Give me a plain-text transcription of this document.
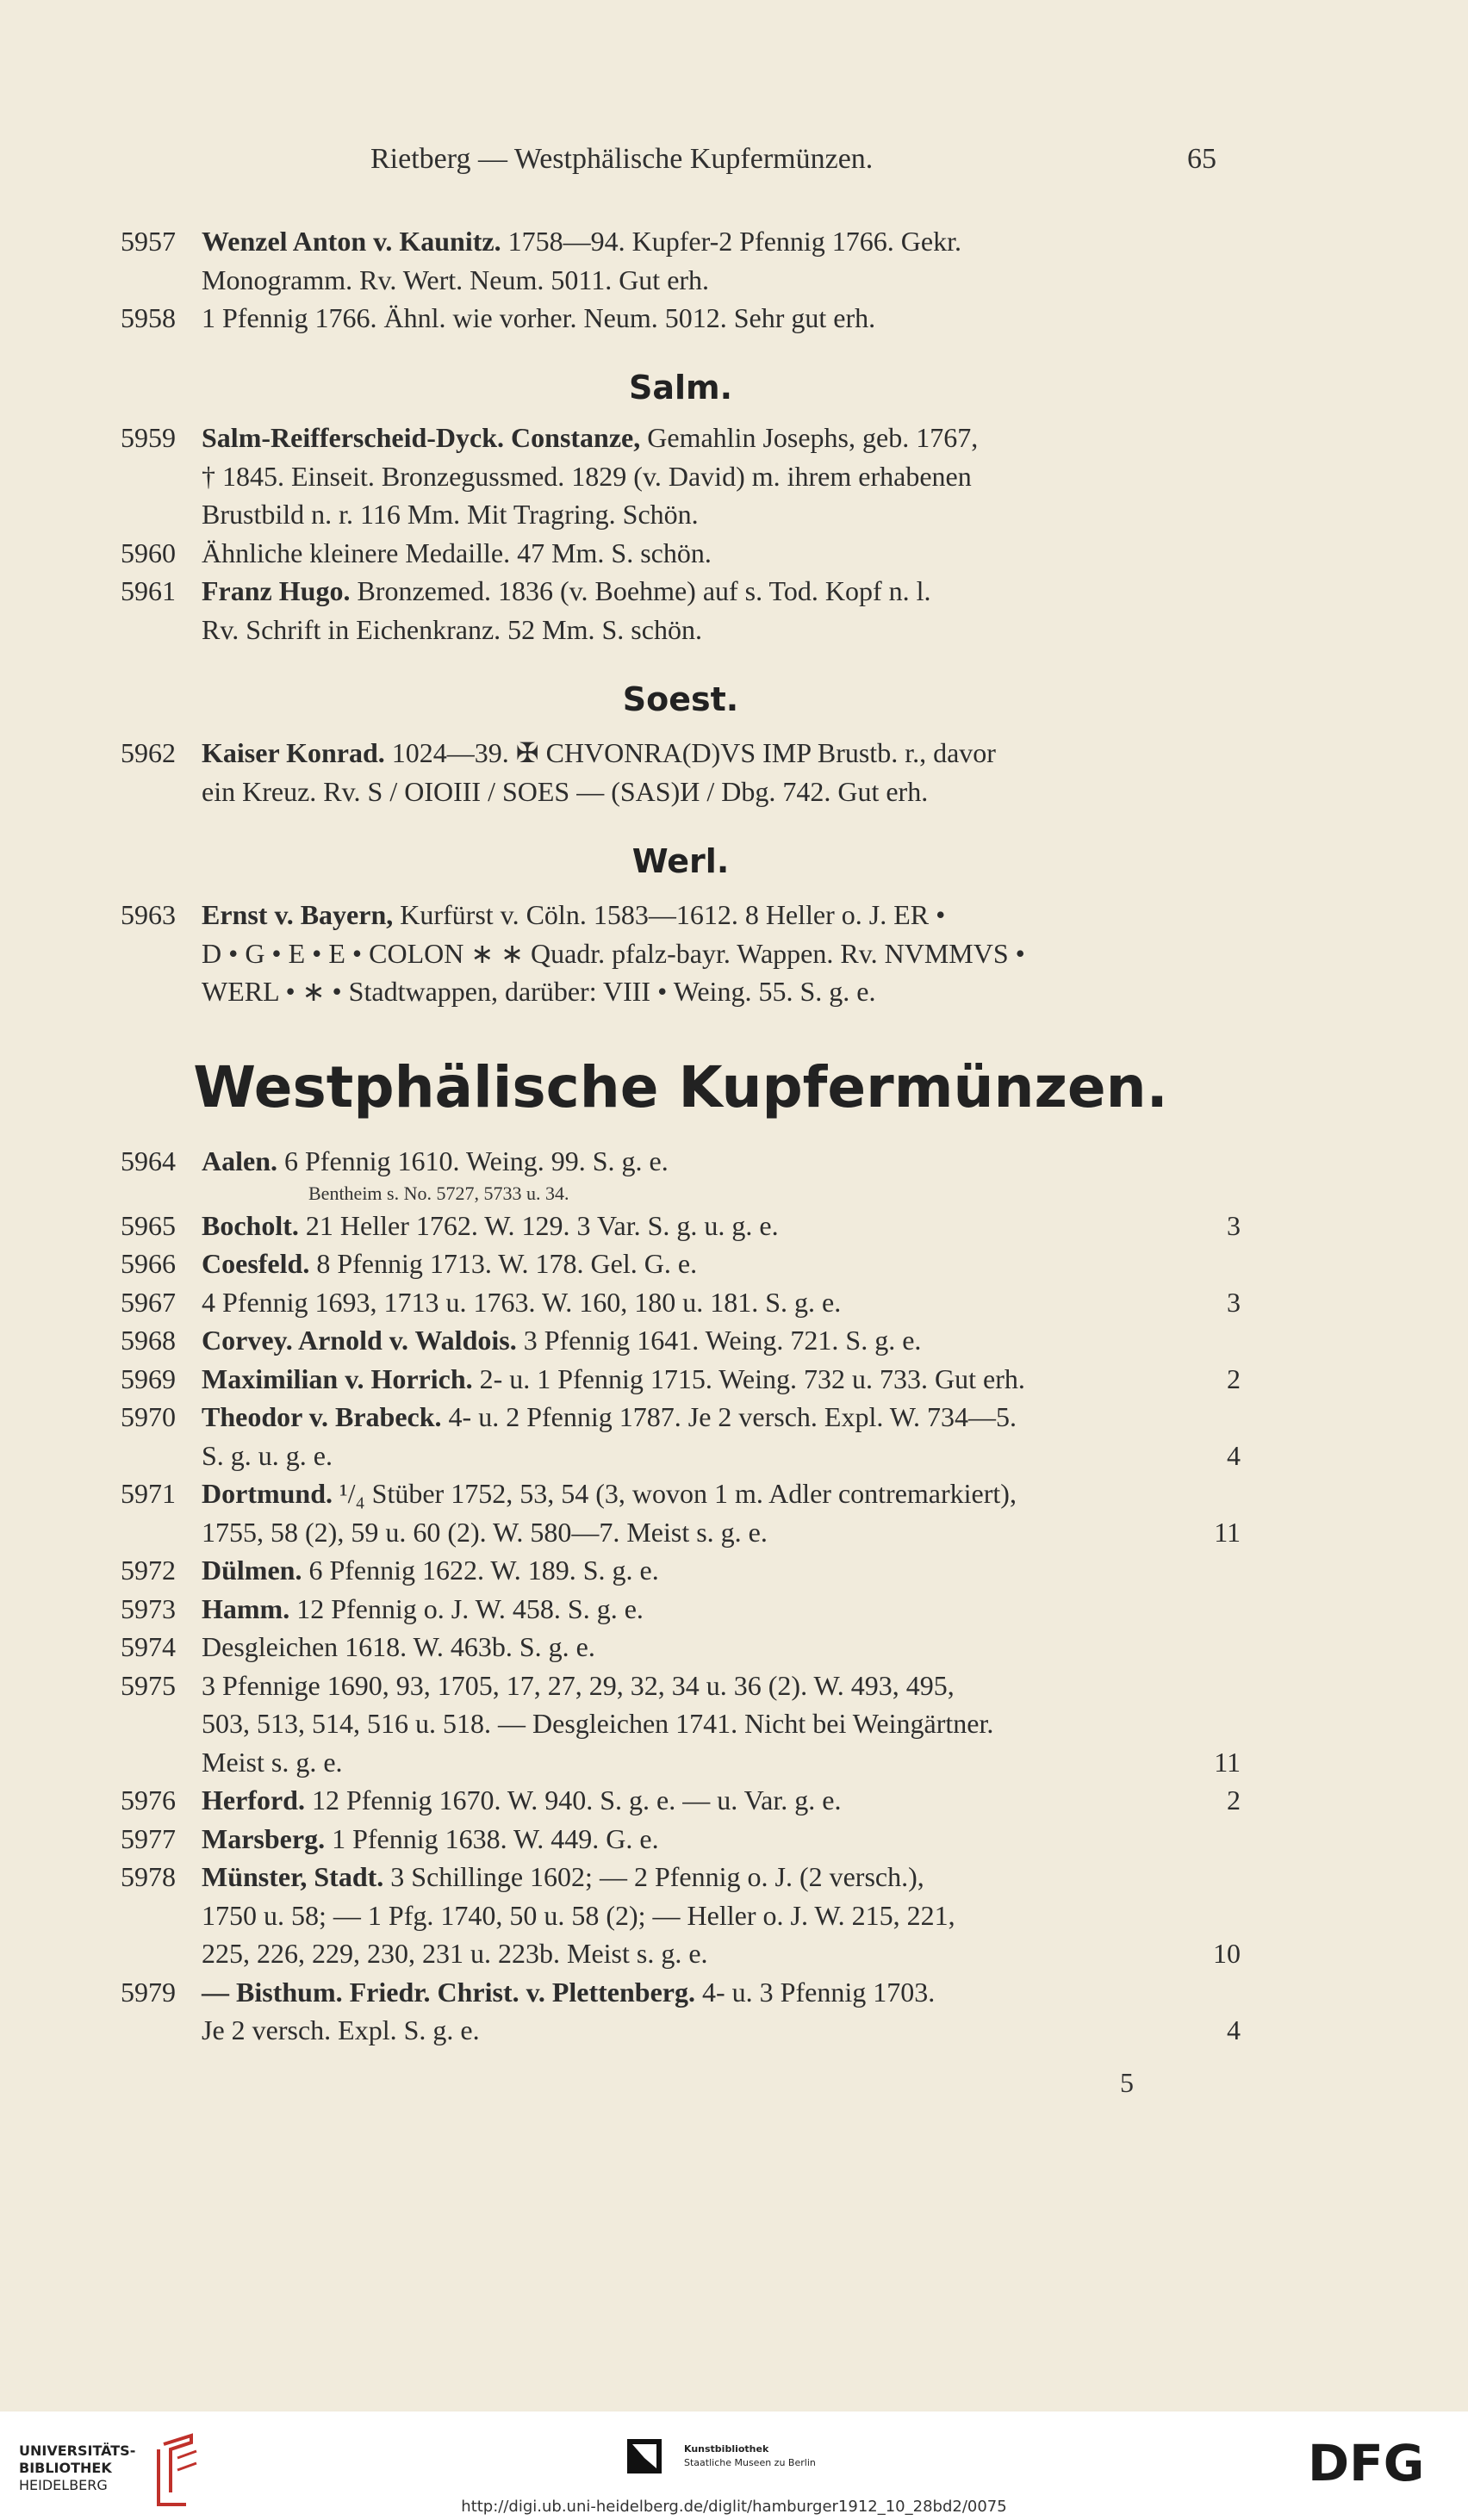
Rietberg — Westphälische Kupfermünzen.	65
5957 Wenzel Anton v. Kaunitz. 1758—94. Kupfer-2 Pfennig 1766. Gekr.
Monogramm. Rv. Wert. Neum. 5011. Gut erh.
5958 1 Pfennig 1766. Ähnl. wie vorher. Neum. 5012. Sehr gut erh.
Salm.
5959 Salm-Reifferscheid-Dyck. Constanze, Gemahlin Josephs, geb. 1767,
† 1845. Einseit. Bronzegussmed. 1829 (v. David) m. ihrem erhabenen
Brustbild n. r. 116 Mm. Mit Tragring. Schön.
5960 Ähnliche kleinere Medaille. 47 Mm. S. schön.
5961 Franz Hugo. Bronzemed. 1836 (v. Boehme) auf s. Tod. Kopf n. l.
Rv. Schrift in Eichenkranz. 52 Mm. S. schön.
Soest.
5962 Kaiser Konrad. 1024—39. ✠ CHVONRA(D)VS IMP Brustb. r., davor
ein Kreuz. Rv. S / OIOIII / SOES — (SAS)И / Dbg. 742. Gut erh.
Werl.
5963 Ernst v. Bayern, Kurfürst v. Cöln. 1583—1612. 8 Heller o. J. ER •
D • G • E • E • COLON ∗ ∗ Quadr. pfalz-bayr. Wappen. Rv. NVMMVS •
WERL • ∗ • Stadtwappen, darüber: VIII • Weing. 55. S. g. e.
Westphälische Kupfermünzen.
5964 Aalen. 6 Pfennig 1610. Weing. 99. S. g. e.
Bentheim s. No. 5727, 5733 u. 34.
5965 Bocholt. 21 Heller 1762. W. 129. 3 Var. S. g. u. g. e.	3
5966 Coesfeld. 8 Pfennig 1713. W. 178. Gel. G. e.
5967 4 Pfennig 1693, 1713 u. 1763. W. 160, 180 u. 181. S. g. e.	3
5968 Corvey. Arnold v. Waldois. 3 Pfennig 1641. Weing. 721. S. g. e.
5969 Maximilian v. Horrich. 2- u. 1 Pfennig 1715. Weing. 732 u. 733. Gut erh.	2
5970 Theodor v. Brabeck. 4- u. 2 Pfennig 1787. Je 2 versch. Expl. W. 734—5.
S. g. u. g. e.	4
5971 Dortmund. ¹/₄ Stüber 1752, 53, 54 (3, wovon 1 m. Adler contremarkiert),
1755, 58 (2), 59 u. 60 (2). W. 580—7. Meist s. g. e.	11
5972 Dülmen. 6 Pfennig 1622. W. 189. S. g. e.
5973 Hamm. 12 Pfennig o. J. W. 458. S. g. e.
5974 Desgleichen 1618. W. 463b. S. g. e.
5975 3 Pfennige 1690, 93, 1705, 17, 27, 29, 32, 34 u. 36 (2). W. 493, 495,
503, 513, 514, 516 u. 518. — Desgleichen 1741. Nicht bei Weingärtner.
Meist s. g. e.	11
5976 Herford. 12 Pfennig 1670. W. 940. S. g. e. — u. Var. g. e.	2
5977 Marsberg. 1 Pfennig 1638. W. 449. G. e.
5978 Münster, Stadt. 3 Schillinge 1602; — 2 Pfennig o. J. (2 versch.),
1750 u. 58; — 1 Pfg. 1740, 50 u. 58 (2); — Heller o. J. W. 215, 221,
225, 226, 229, 230, 231 u. 223b. Meist s. g. e.	10
5979 — Bisthum. Friedr. Christ. v. Plettenberg. 4- u. 3 Pfennig 1703.
Je 2 versch. Expl. S. g. e.	4
5
UNIVERSITÄTS-
BIBLIOTHEK
HEIDELBERG
Kunstbibliothek
Staatliche Museen zu Berlin	DFG
http://digi.ub.uni-heidelberg.de/diglit/hamburger1912_10_28bd2/0075
